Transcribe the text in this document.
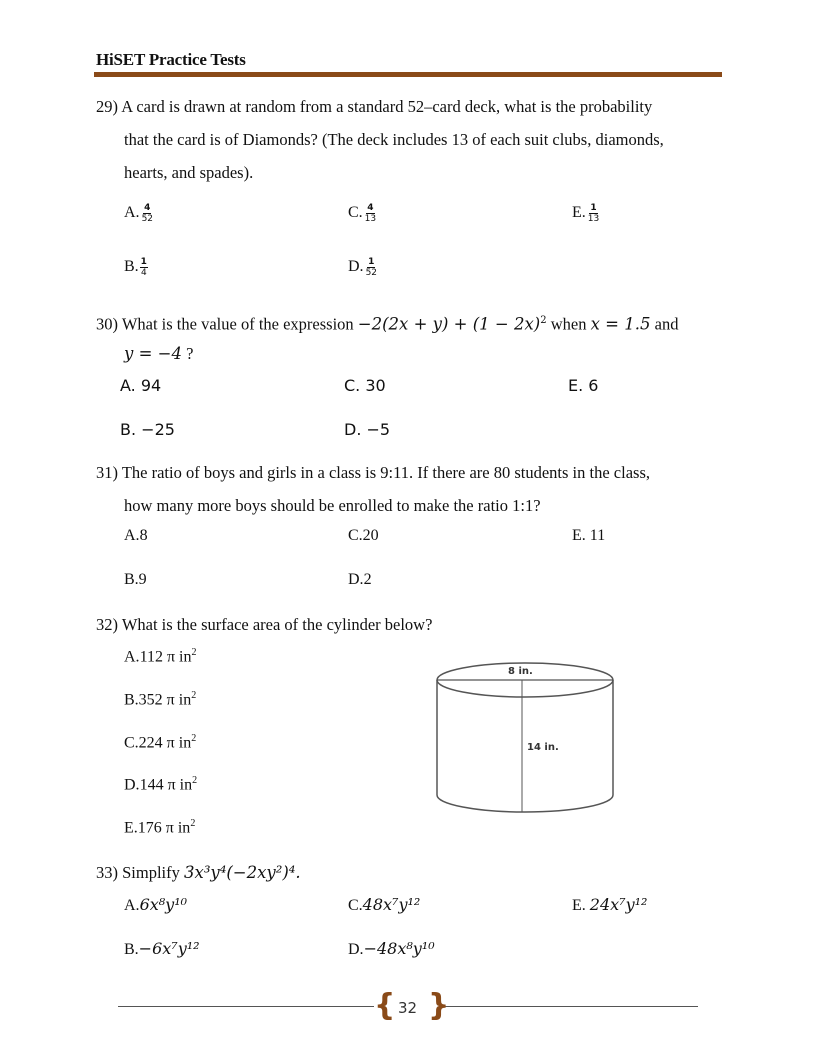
HiSET Practice Tests
29) A card is drawn at random from a standard 52–card deck, what is the probability
that the card is of Diamonds? (The deck includes 13 of each suit clubs, diamonds,
hearts, and spades).
A. $\frac{4}{52}$	C. $\frac{4}{13}$	E. $\frac{1}{13}$
B. $\frac{1}{4}$	D. $\frac{1}{52}$
30) What is the value of the expression $-2(2x + y) + (1 - 2x)^2$ when x = 1.5 and
y = −4 ?
A. 94	C. 30	E. 6
B. −25	D. −5
31) The ratio of boys and girls in a class is 9:11. If there are 80 students in the class,
how many more boys should be enrolled to make the ratio 1:1?
A.8	C.20	E. 11
B.9	D.2
32) What is the surface area of the cylinder below?
A.112 π $in^2$
B.352 π $in^2$
C.224 π $in^2$
D.144 π $in^2$
E.176 π $in^2$
8 in.
14 in.
33) Simplify 3x³y⁴(−2xy²)⁴.
A.6x⁸y¹⁰	C.48x⁷y¹²	E. 24x⁷y¹²
B.−6x⁷y¹²	D.−48x⁸y¹⁰
{ }
32
